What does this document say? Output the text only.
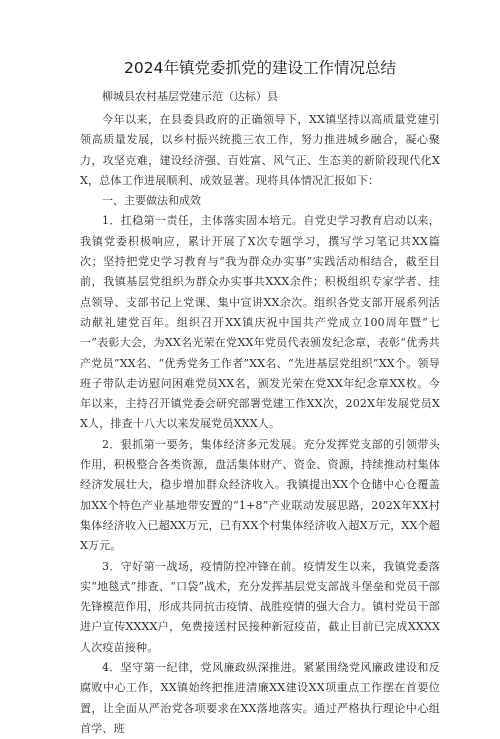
2024年镇党委抓党的建设工作情况总结

柳城县农村基层党建示范（达标）县

今年以来，在县委县政府的正确领导下，XX镇坚持以高质量党建引领高质量发展，以乡村振兴统揽三农工作，努力推进城乡融合，凝心聚力，攻坚克难，建设经济强、百姓富、风气正、生态美的新阶段现代化XX，总体工作进展顺利、成效显著。现将具体情况汇报如下：

一、主要做法和成效

1．扛稳第一责任，主体落实固本培元。自党史学习教育启动以来，我镇党委积极响应，累计开展了X次专题学习，撰写学习笔记共XX篇次；坚持把党史学习教育与“我为群众办实事”实践活动相结合，截至目前，我镇基层党组织为群众办实事共XXX余件；积极组织专家学者、挂点领导、支部书记上党课、集中宣讲XX余次。组织各党支部开展系列活动献礼建党百年。组织召开XX镇庆祝中国共产党成立100周年暨“七一”表彰大会，为XX名光荣在党XX年党员代表颁发纪念章，表彰“优秀共产党员”XX名、“优秀党务工作者”XX名、“先进基层党组织”XX个。领导班子带队走访慰问困难党员XX名，颁发光荣在党XX年纪念章XX枚。今年以来，主持召开镇党委会研究部署党建工作XX次，202X年发展党员XX人，排查十八大以来发展党员XXX人。

2．狠抓第一要务，集体经济多元发展。充分发挥党支部的引领带头作用，积极整合各类资源，盘活集体财产、资金、资源，持续推动村集体经济发展壮大，稳步增加群众经济收入。我镇提出XX个仓储中心仓覆盖加XX个特色产业基地带安置的“1+8”产业联动发展思路，202X年XX村集体经济收入已超XX万元，已有XX个村集体经济收入超X万元，XX个超X万元。

3．守好第一战场，疫情防控冲锋在前。疫情发生以来，我镇党委落实“地毯式”排查、“口袋”战术，充分发挥基层党支部战斗堡垒和党员干部先锋模范作用，形成共同抗击疫情、战胜疫情的强大合力。镇村党员干部进户宣传XXXX户，免费接送村民接种新冠疫苗，截止目前已完成XXXX人次疫苗接种。

4．坚守第一纪律，党风廉政纵深推进。紧紧围绕党风廉政建设和反腐败中心工作，XX镇始终把推进清廉XX建设XX项重点工作摆在首要位置，让全面从严治党各项要求在XX落地落实。通过严格执行理论中心组首学、班
